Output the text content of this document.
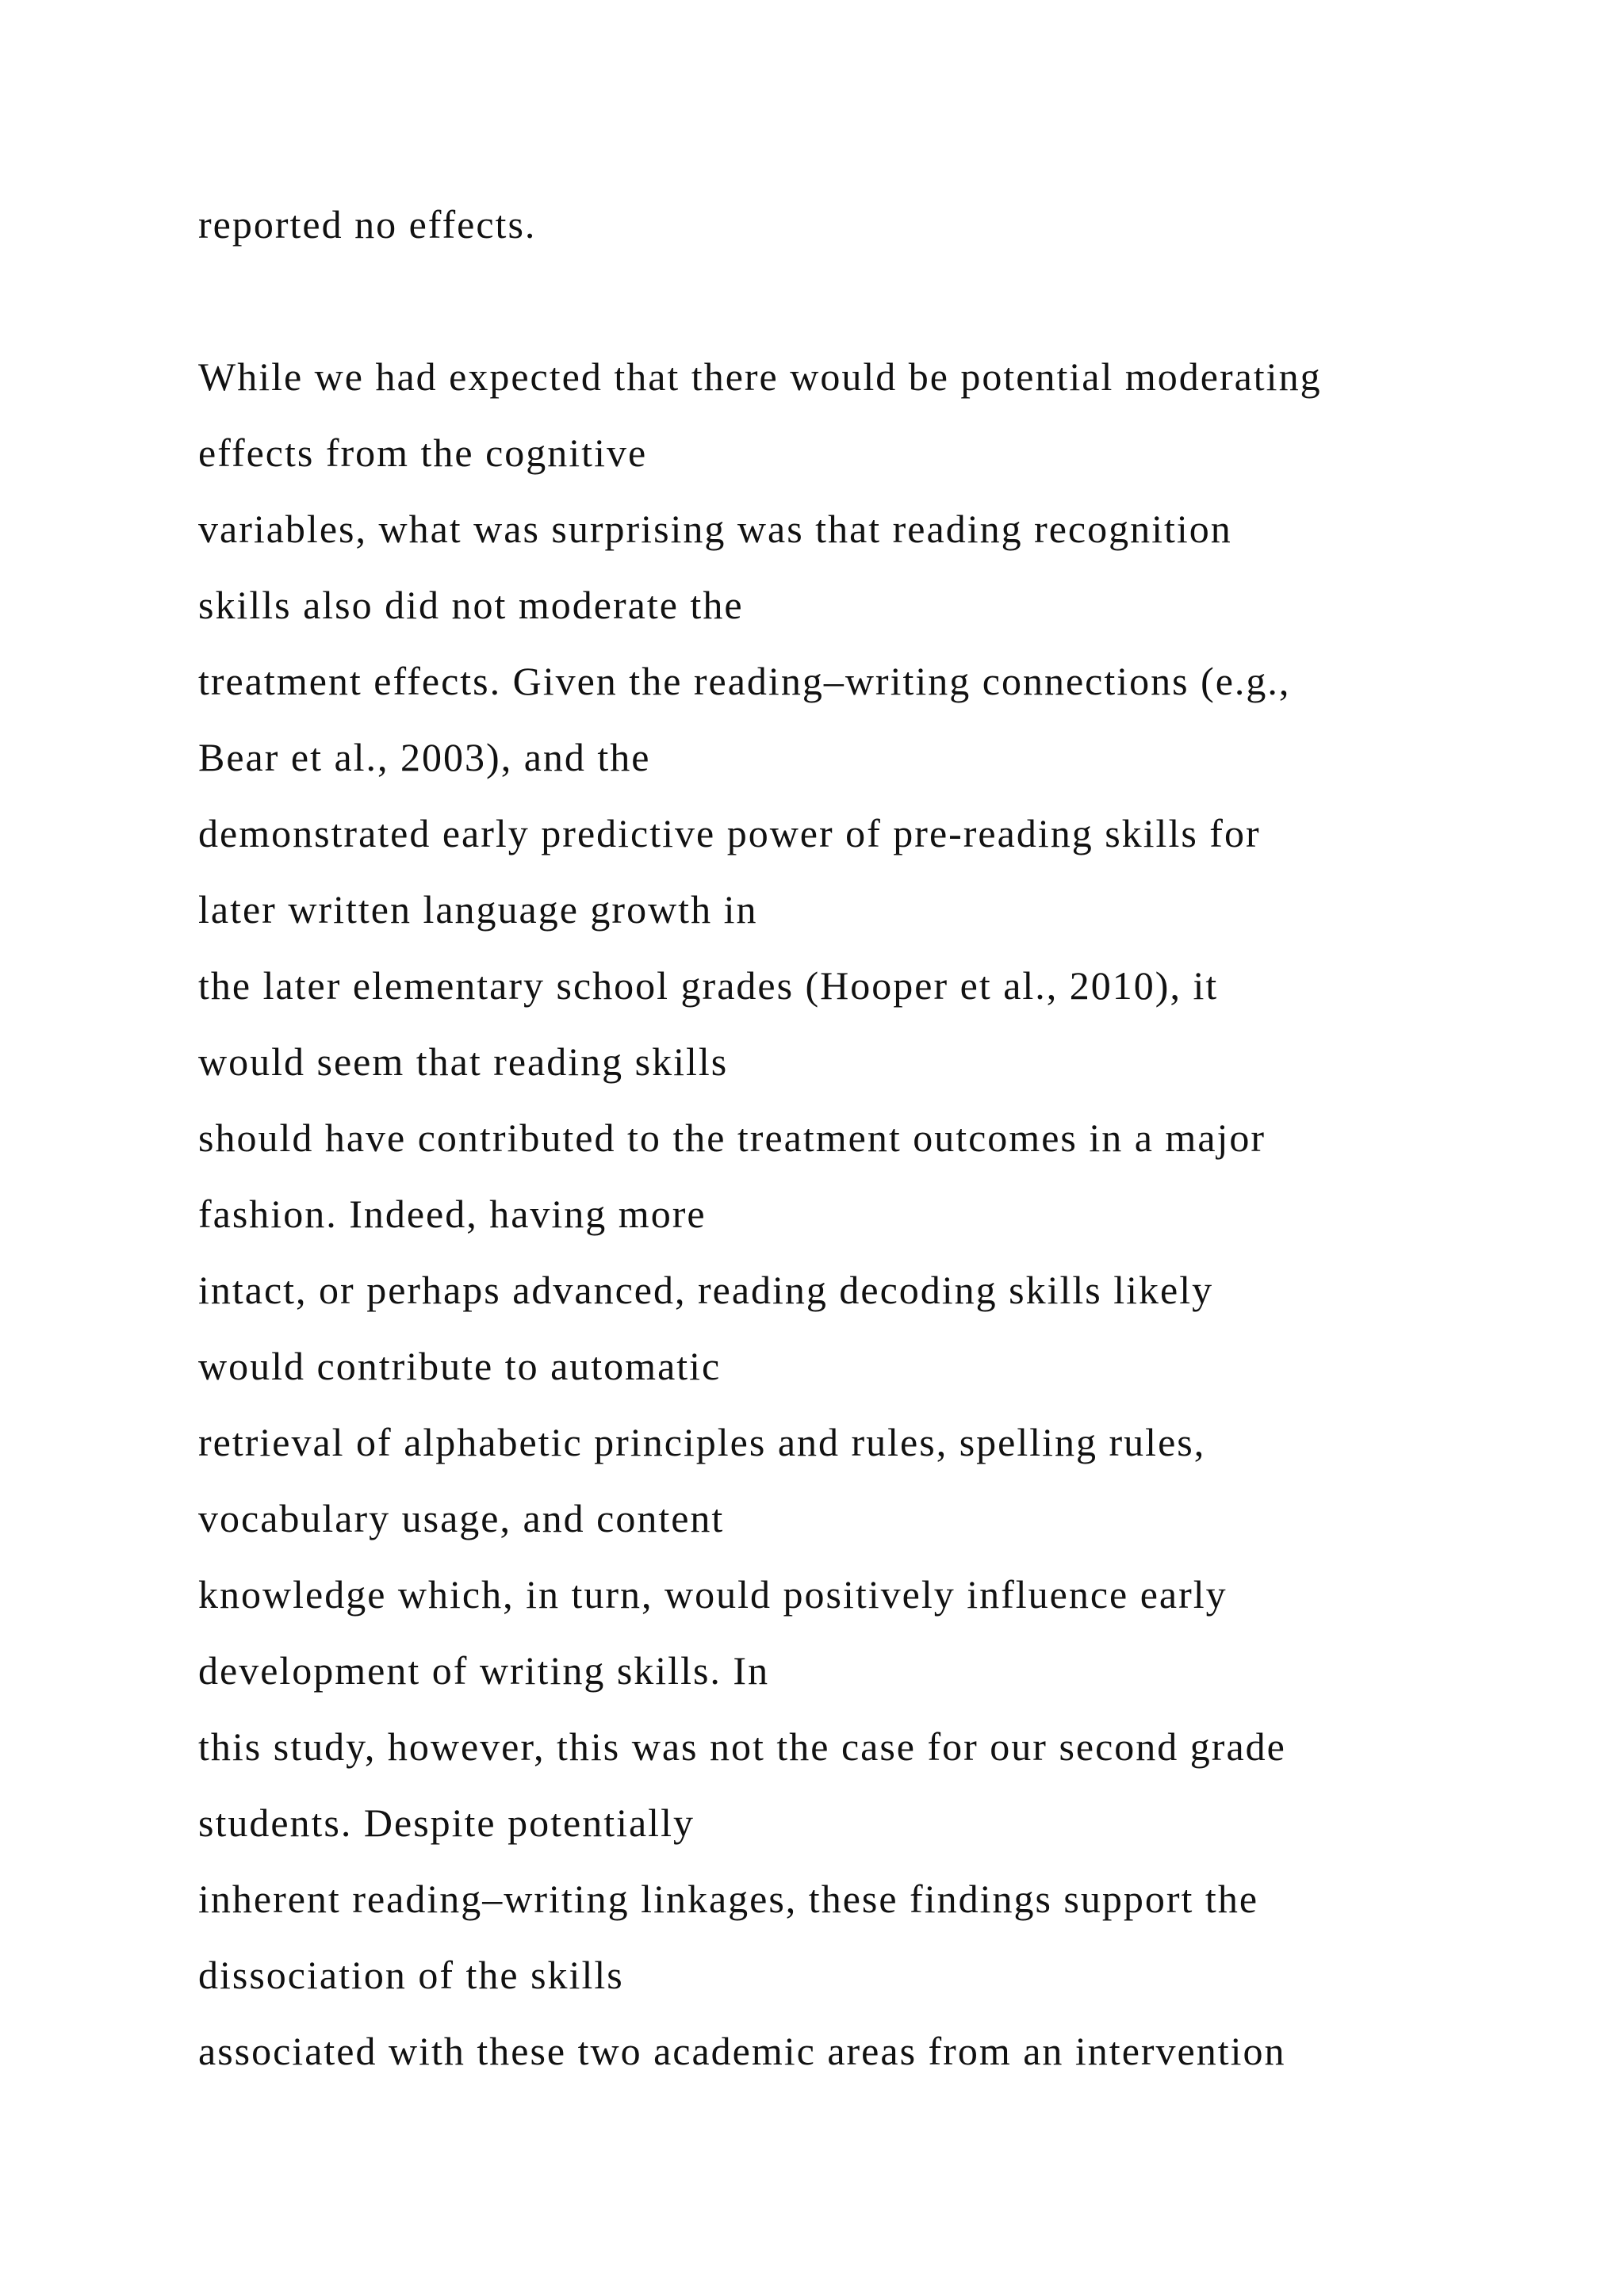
reported no effects.
While we had expected that there would be potential moderating
effects from the cognitive
variables, what was surprising was that reading recognition
skills also did not moderate the
treatment effects. Given the reading–writing connections (e.g.,
Bear et al., 2003), and the
demonstrated early predictive power of pre-reading skills for
later written language growth in
the later elementary school grades (Hooper et al., 2010), it
would seem that reading skills
should have contributed to the treatment outcomes in a major
fashion. Indeed, having more
intact, or perhaps advanced, reading decoding skills likely
would contribute to automatic
retrieval of alphabetic principles and rules, spelling rules,
vocabulary usage, and content
knowledge which, in turn, would positively influence early
development of writing skills. In
this study, however, this was not the case for our second grade
students. Despite potentially
inherent reading–writing linkages, these findings support the
dissociation of the skills
associated with these two academic areas from an intervention
